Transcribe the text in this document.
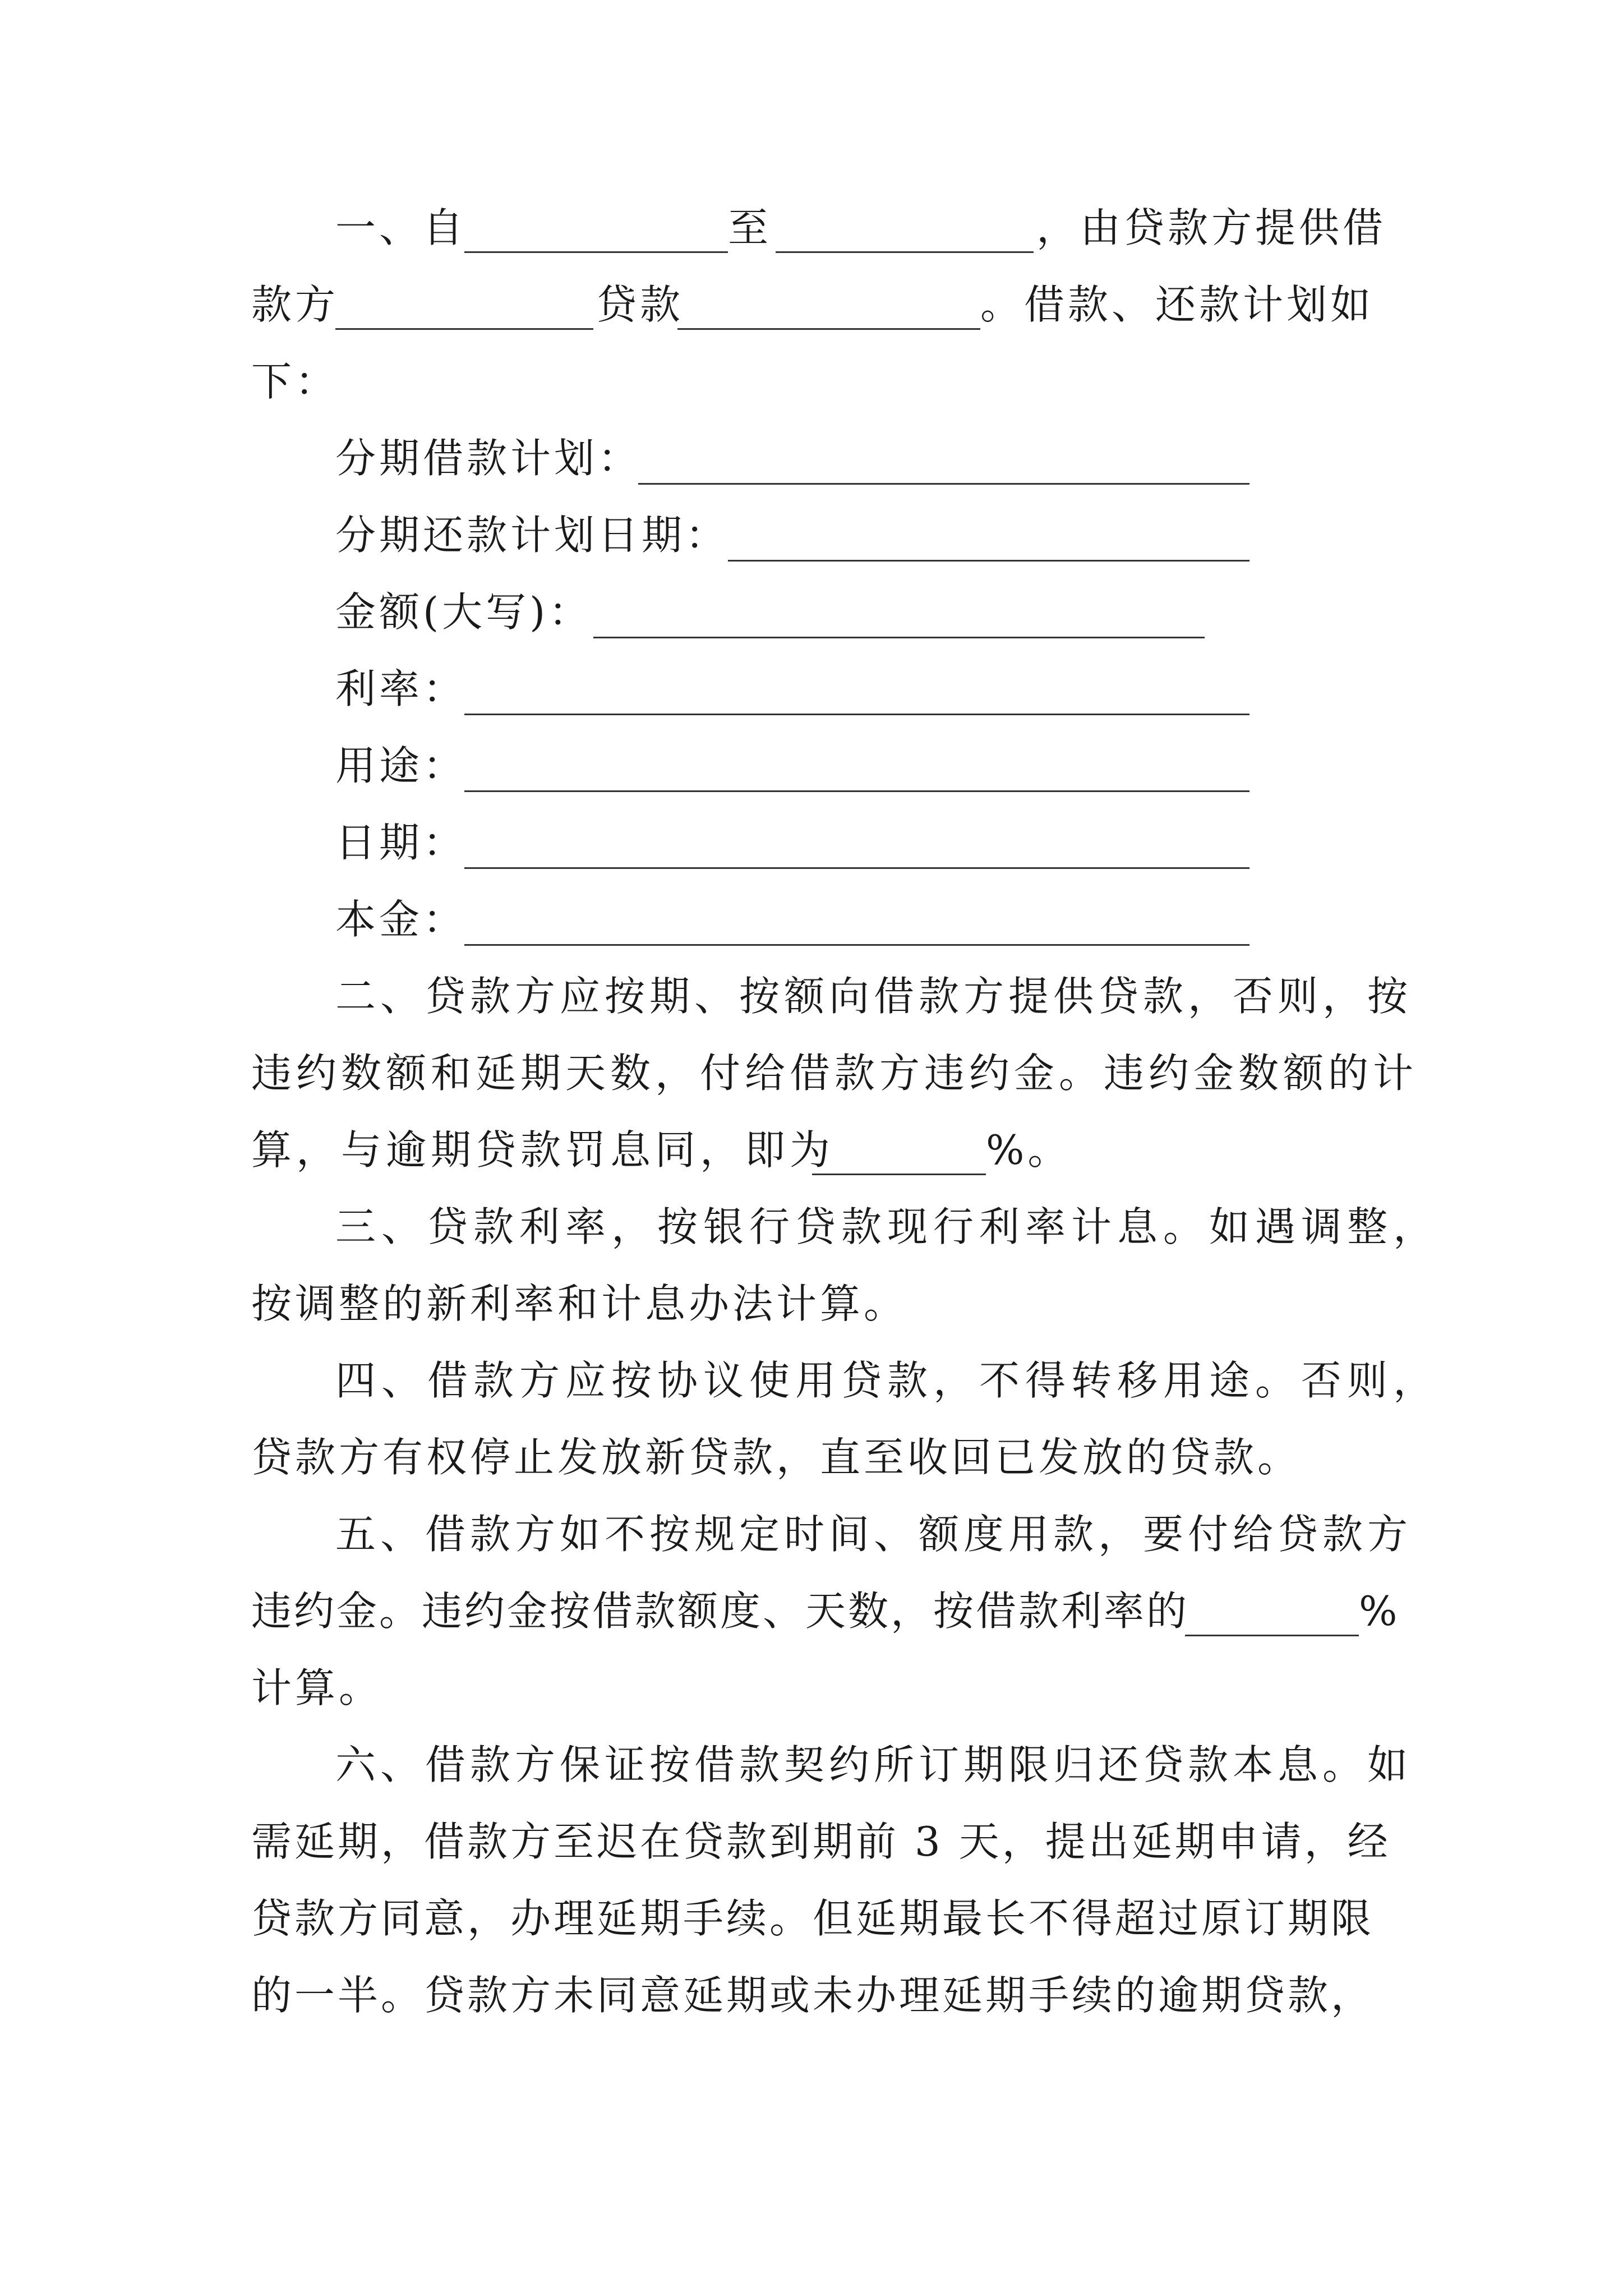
一、自	至	，由贷款方提供借
款方	贷款	。借款、还款计划如
下：
分期借款计划：
分期还款计划日期：
金额(大写)：
利率：
用途：
日期：
本金：
二、贷款方应按期、按额向借款方提供贷款，否则，按
违约数额和延期天数，付给借款方违约金。违约金数额的计
算，与逾期贷款罚息同，即为	%。
三、贷款利率，按银行贷款现行利率计息。如遇调整，
按调整的新利率和计息办法计算。
四、借款方应按协议使用贷款，不得转移用途。否则，
贷款方有权停止发放新贷款，直至收回已发放的贷款。
五、借款方如不按规定时间、额度用款，要付给贷款方
违约金。违约金按借款额度、天数，按借款利率的	%
计算。
六、借款方保证按借款契约所订期限归还贷款本息。如
需延期，借款方至迟在贷款到期前 3 天，提出延期申请，经
贷款方同意，办理延期手续。但延期最长不得超过原订期限
的一半。贷款方未同意延期或未办理延期手续的逾期贷款，
